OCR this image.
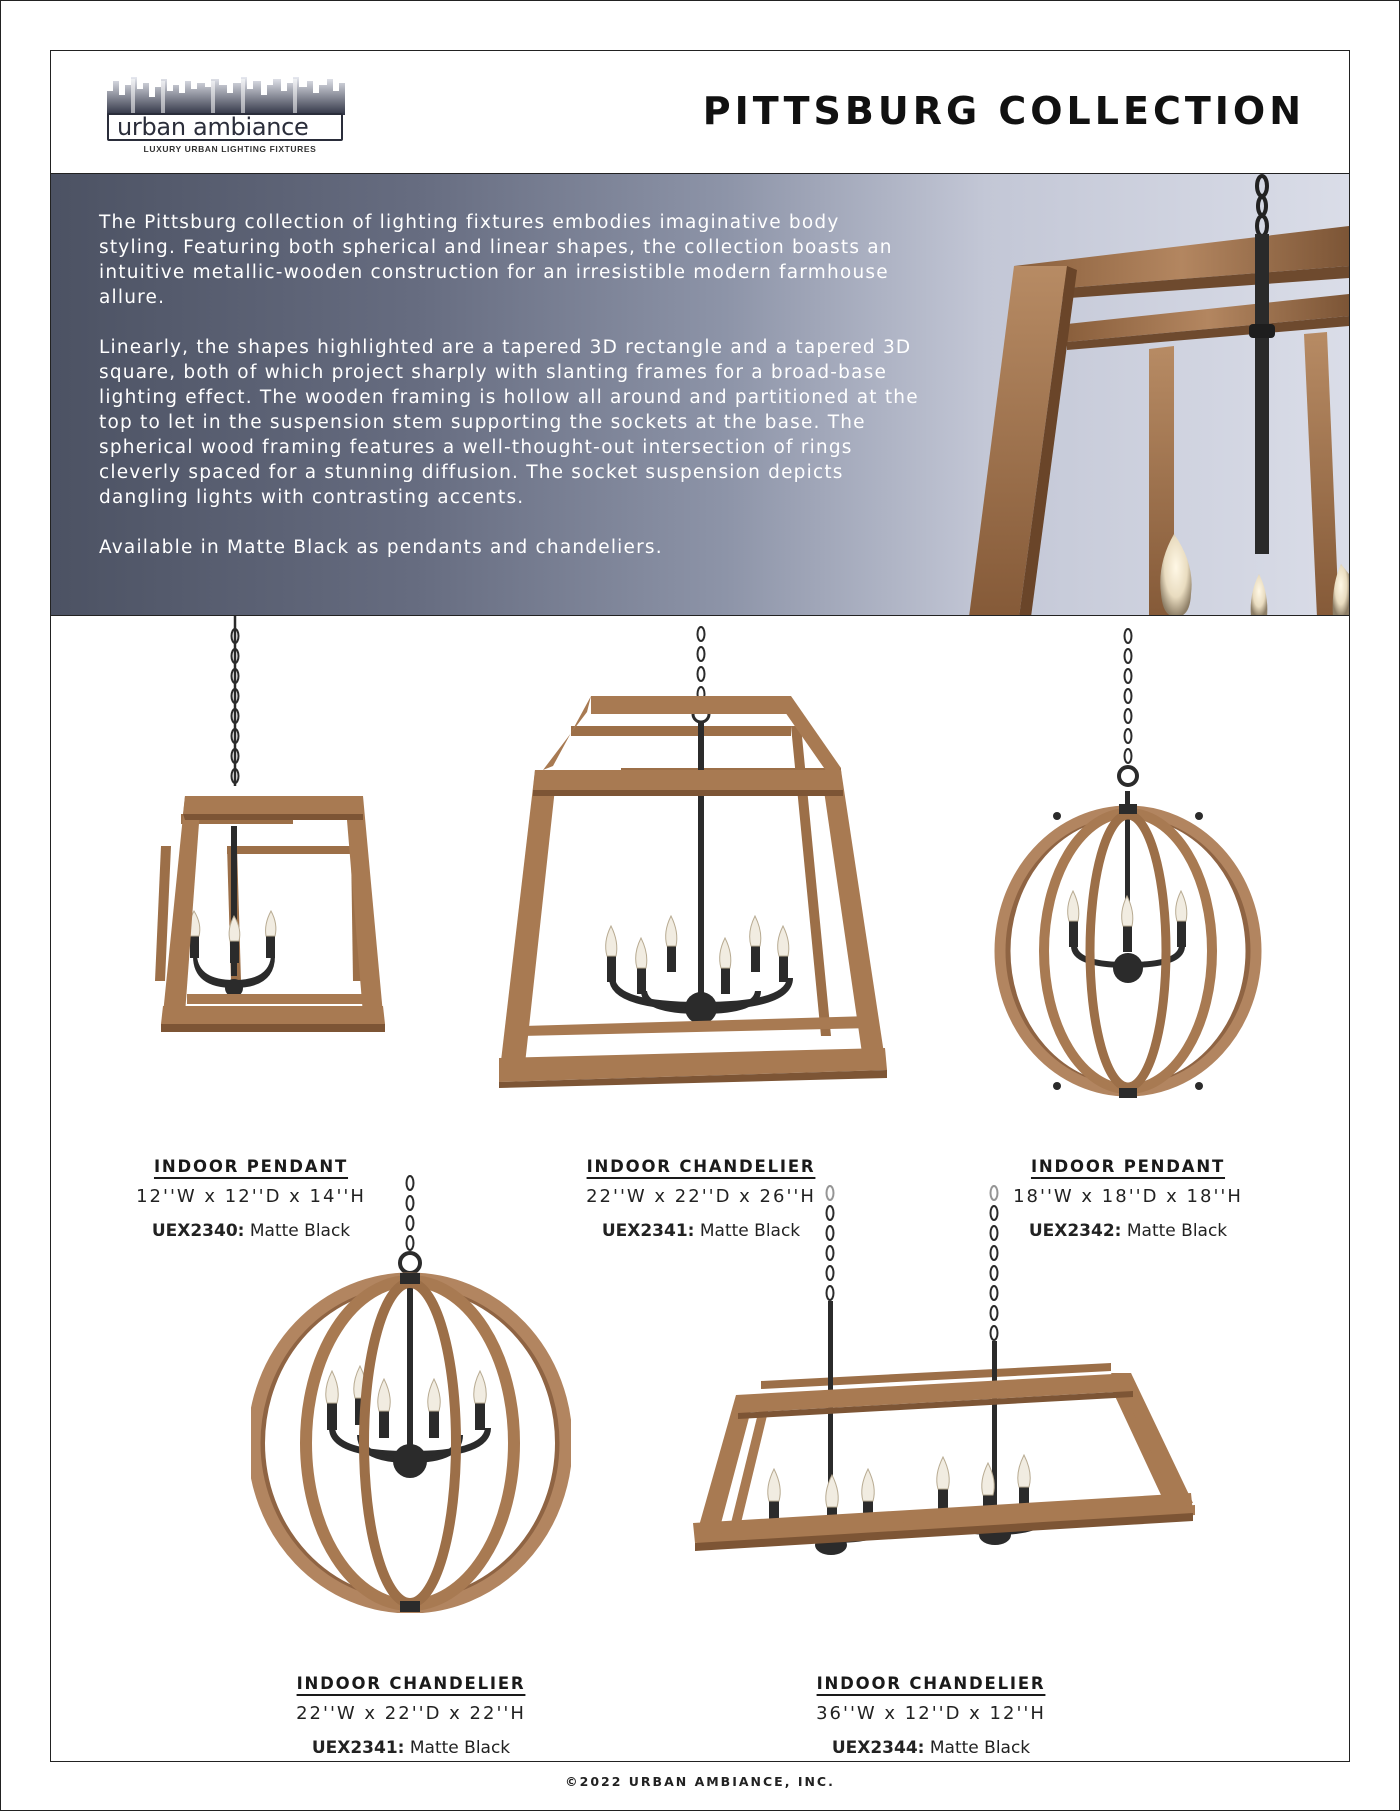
urban ambiance
LUXURY URBAN LIGHTING FIXTURES
PITTSBURG COLLECTION

The Pittsburg collection of lighting fixtures embodies imaginative body styling. Featuring both spherical and linear shapes, the collection boasts an intuitive metallic-wooden construction for an irresistible modern farmhouse allure.

Linearly, the shapes highlighted are a tapered 3D rectangle and a tapered 3D square, both of which project sharply with slanting frames for a broad-base lighting effect. The wooden framing is hollow all around and partitioned at the top to let in the suspension stem supporting the sockets at the base. The spherical wood framing features a well-thought-out intersection of rings cleverly spaced for a stunning diffusion. The socket suspension depicts dangling lights with contrasting accents.

Available in Matte Black as pendants and chandeliers.

INDOOR PENDANT
12''W x 12''D x 14''H
UEX2340: Matte Black
INDOOR CHANDELIER
22''W x 22''D x 26''H
UEX2341: Matte Black
INDOOR PENDANT
18''W x 18''D x 18''H
UEX2342: Matte Black
INDOOR CHANDELIER
22''W x 22''D x 22''H
UEX2341: Matte Black
INDOOR CHANDELIER
36''W x 12''D x 12''H
UEX2344: Matte Black
©2022 URBAN AMBIANCE, INC.
